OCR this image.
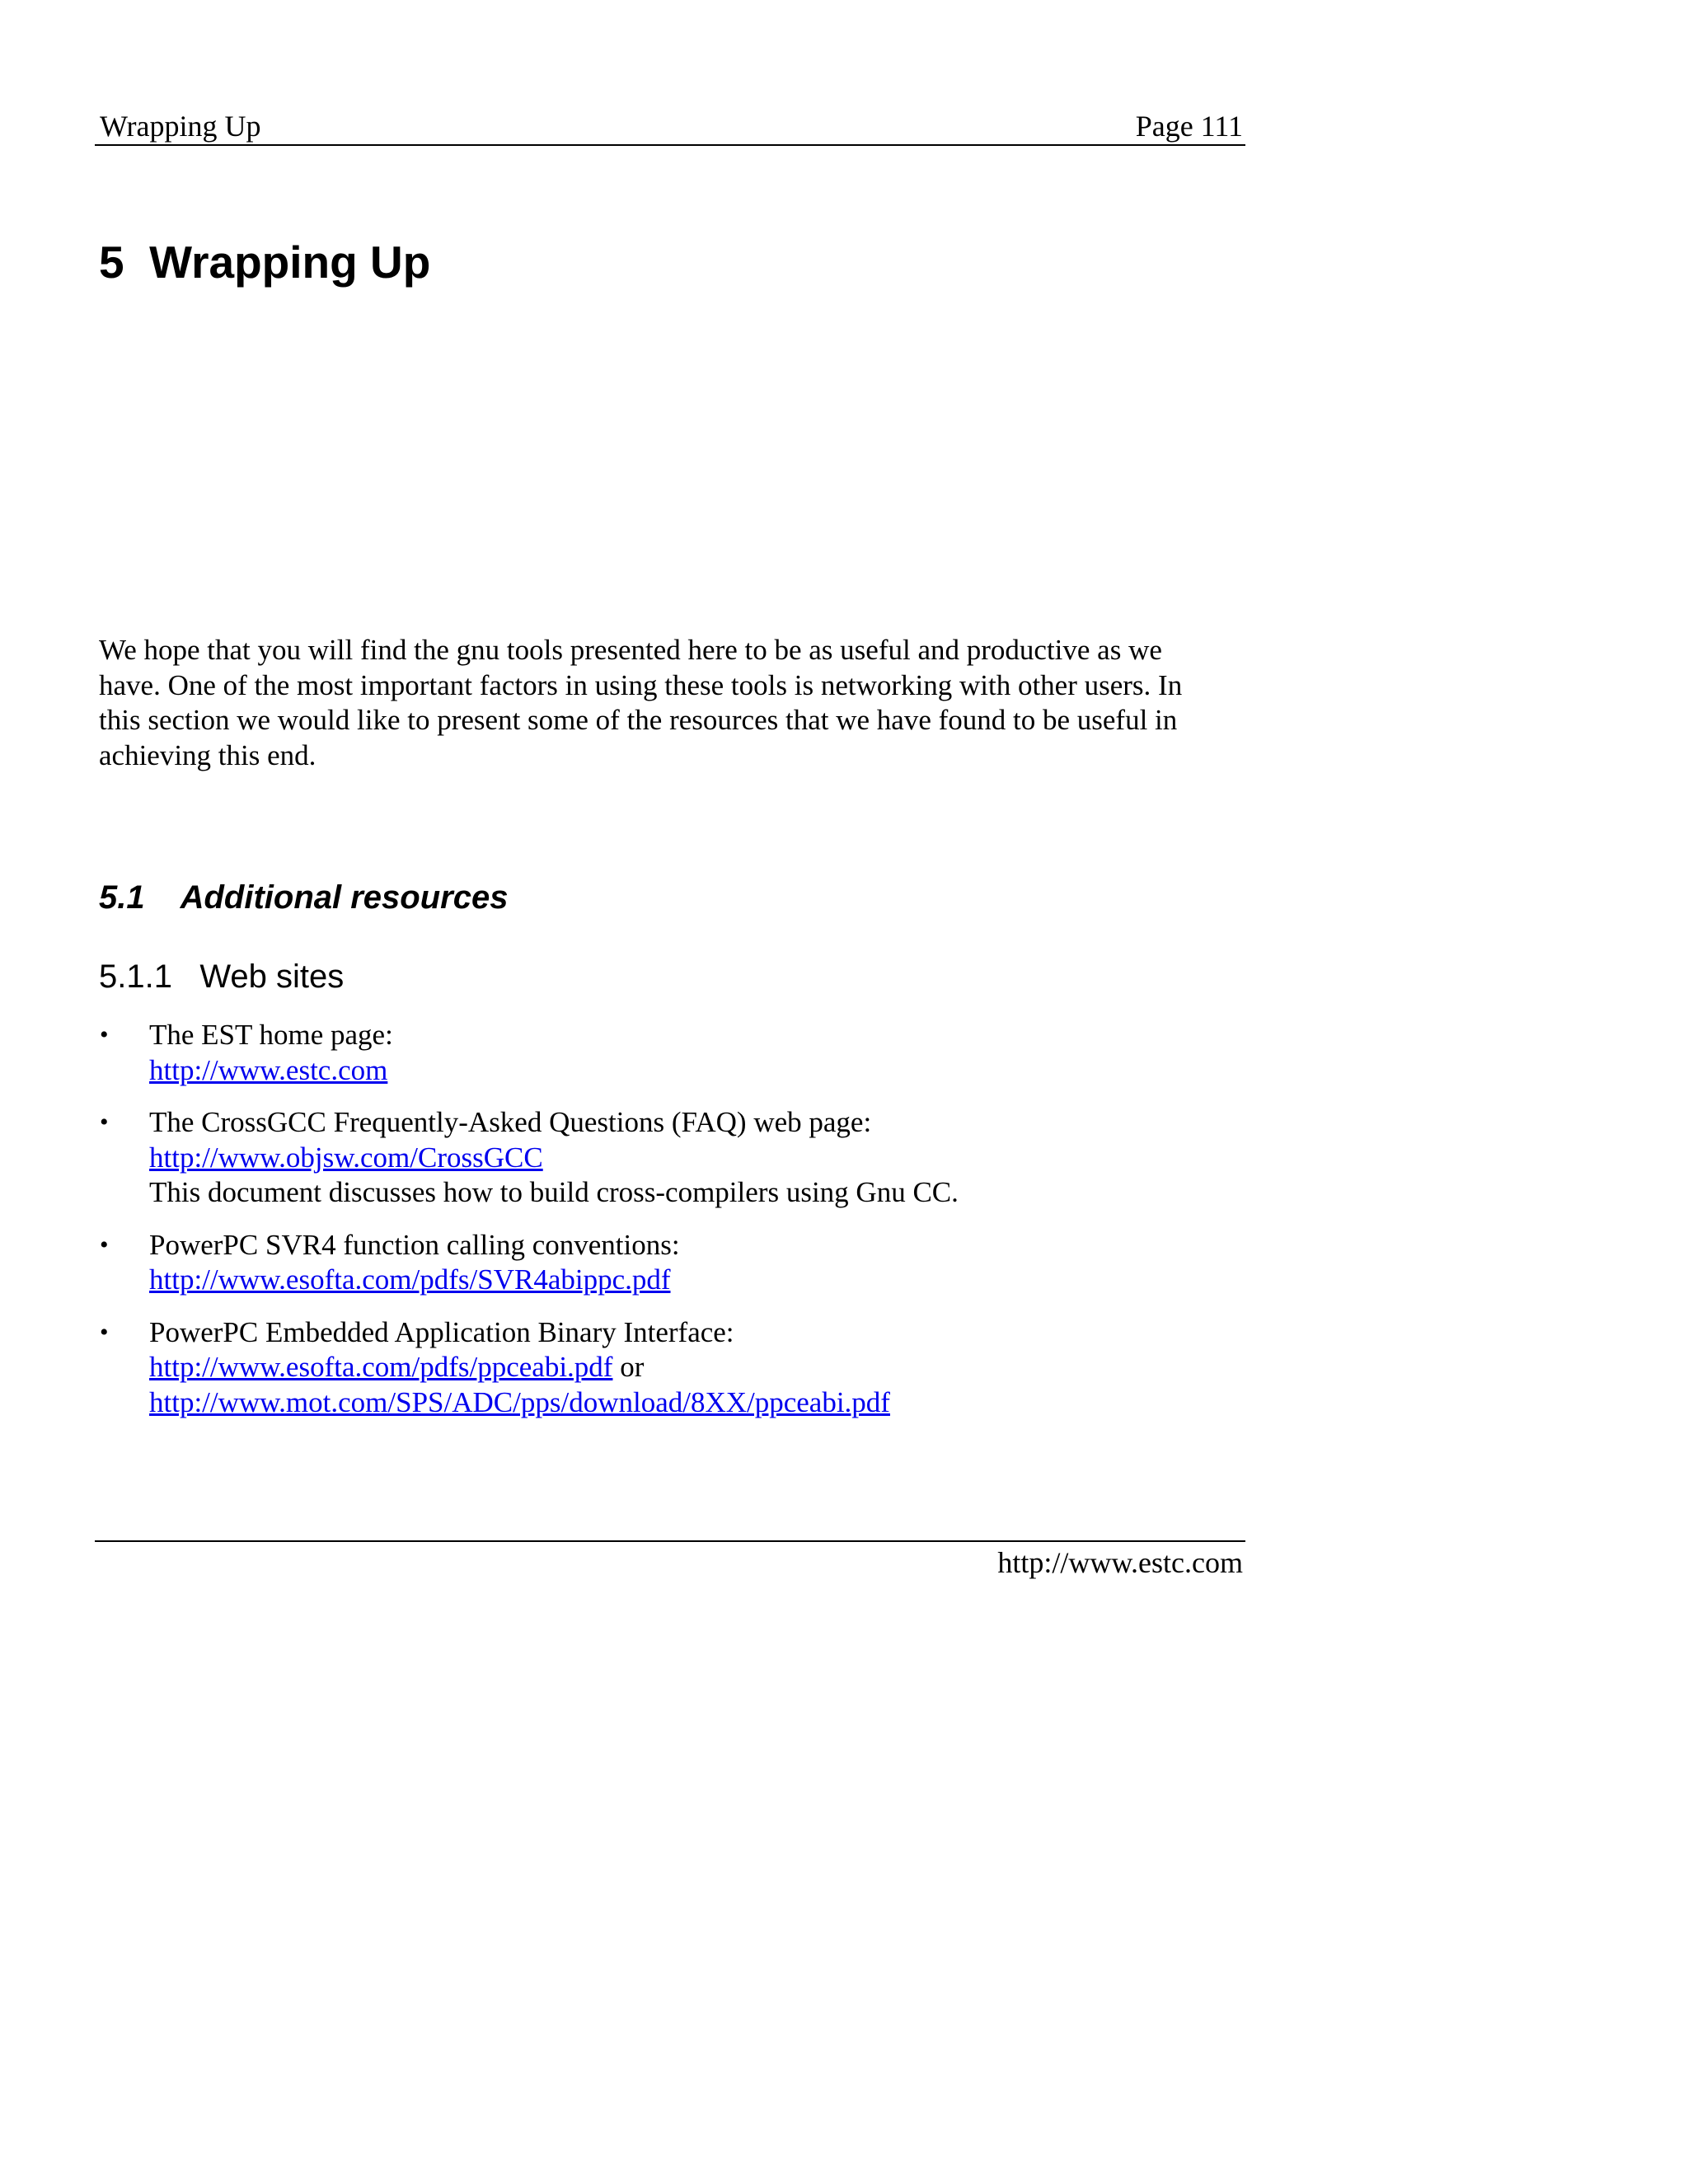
Wrapping Up	Page 111
5 Wrapping Up
We hope that you will find the gnu tools presented here to be as useful and productive as we
have. One of the most important factors in using these tools is networking with other users. In
this section we would like to present some of the resources that we have found to be useful in
achieving this end.
5.1 Additional resources
5.1.1 Web sites
• The EST home page:
http://www.estc.com
• The CrossGCC Frequently-Asked Questions (FAQ) web page:
http://www.objsw.com/CrossGCC
This document discusses how to build cross-compilers using Gnu CC.
• PowerPC SVR4 function calling conventions:
http://www.esofta.com/pdfs/SVR4abippc.pdf
• PowerPC Embedded Application Binary Interface:
http://www.esofta.com/pdfs/ppceabi.pdf or
http://www.mot.com/SPS/ADC/pps/download/8XX/ppceabi.pdf
http://www.estc.com
